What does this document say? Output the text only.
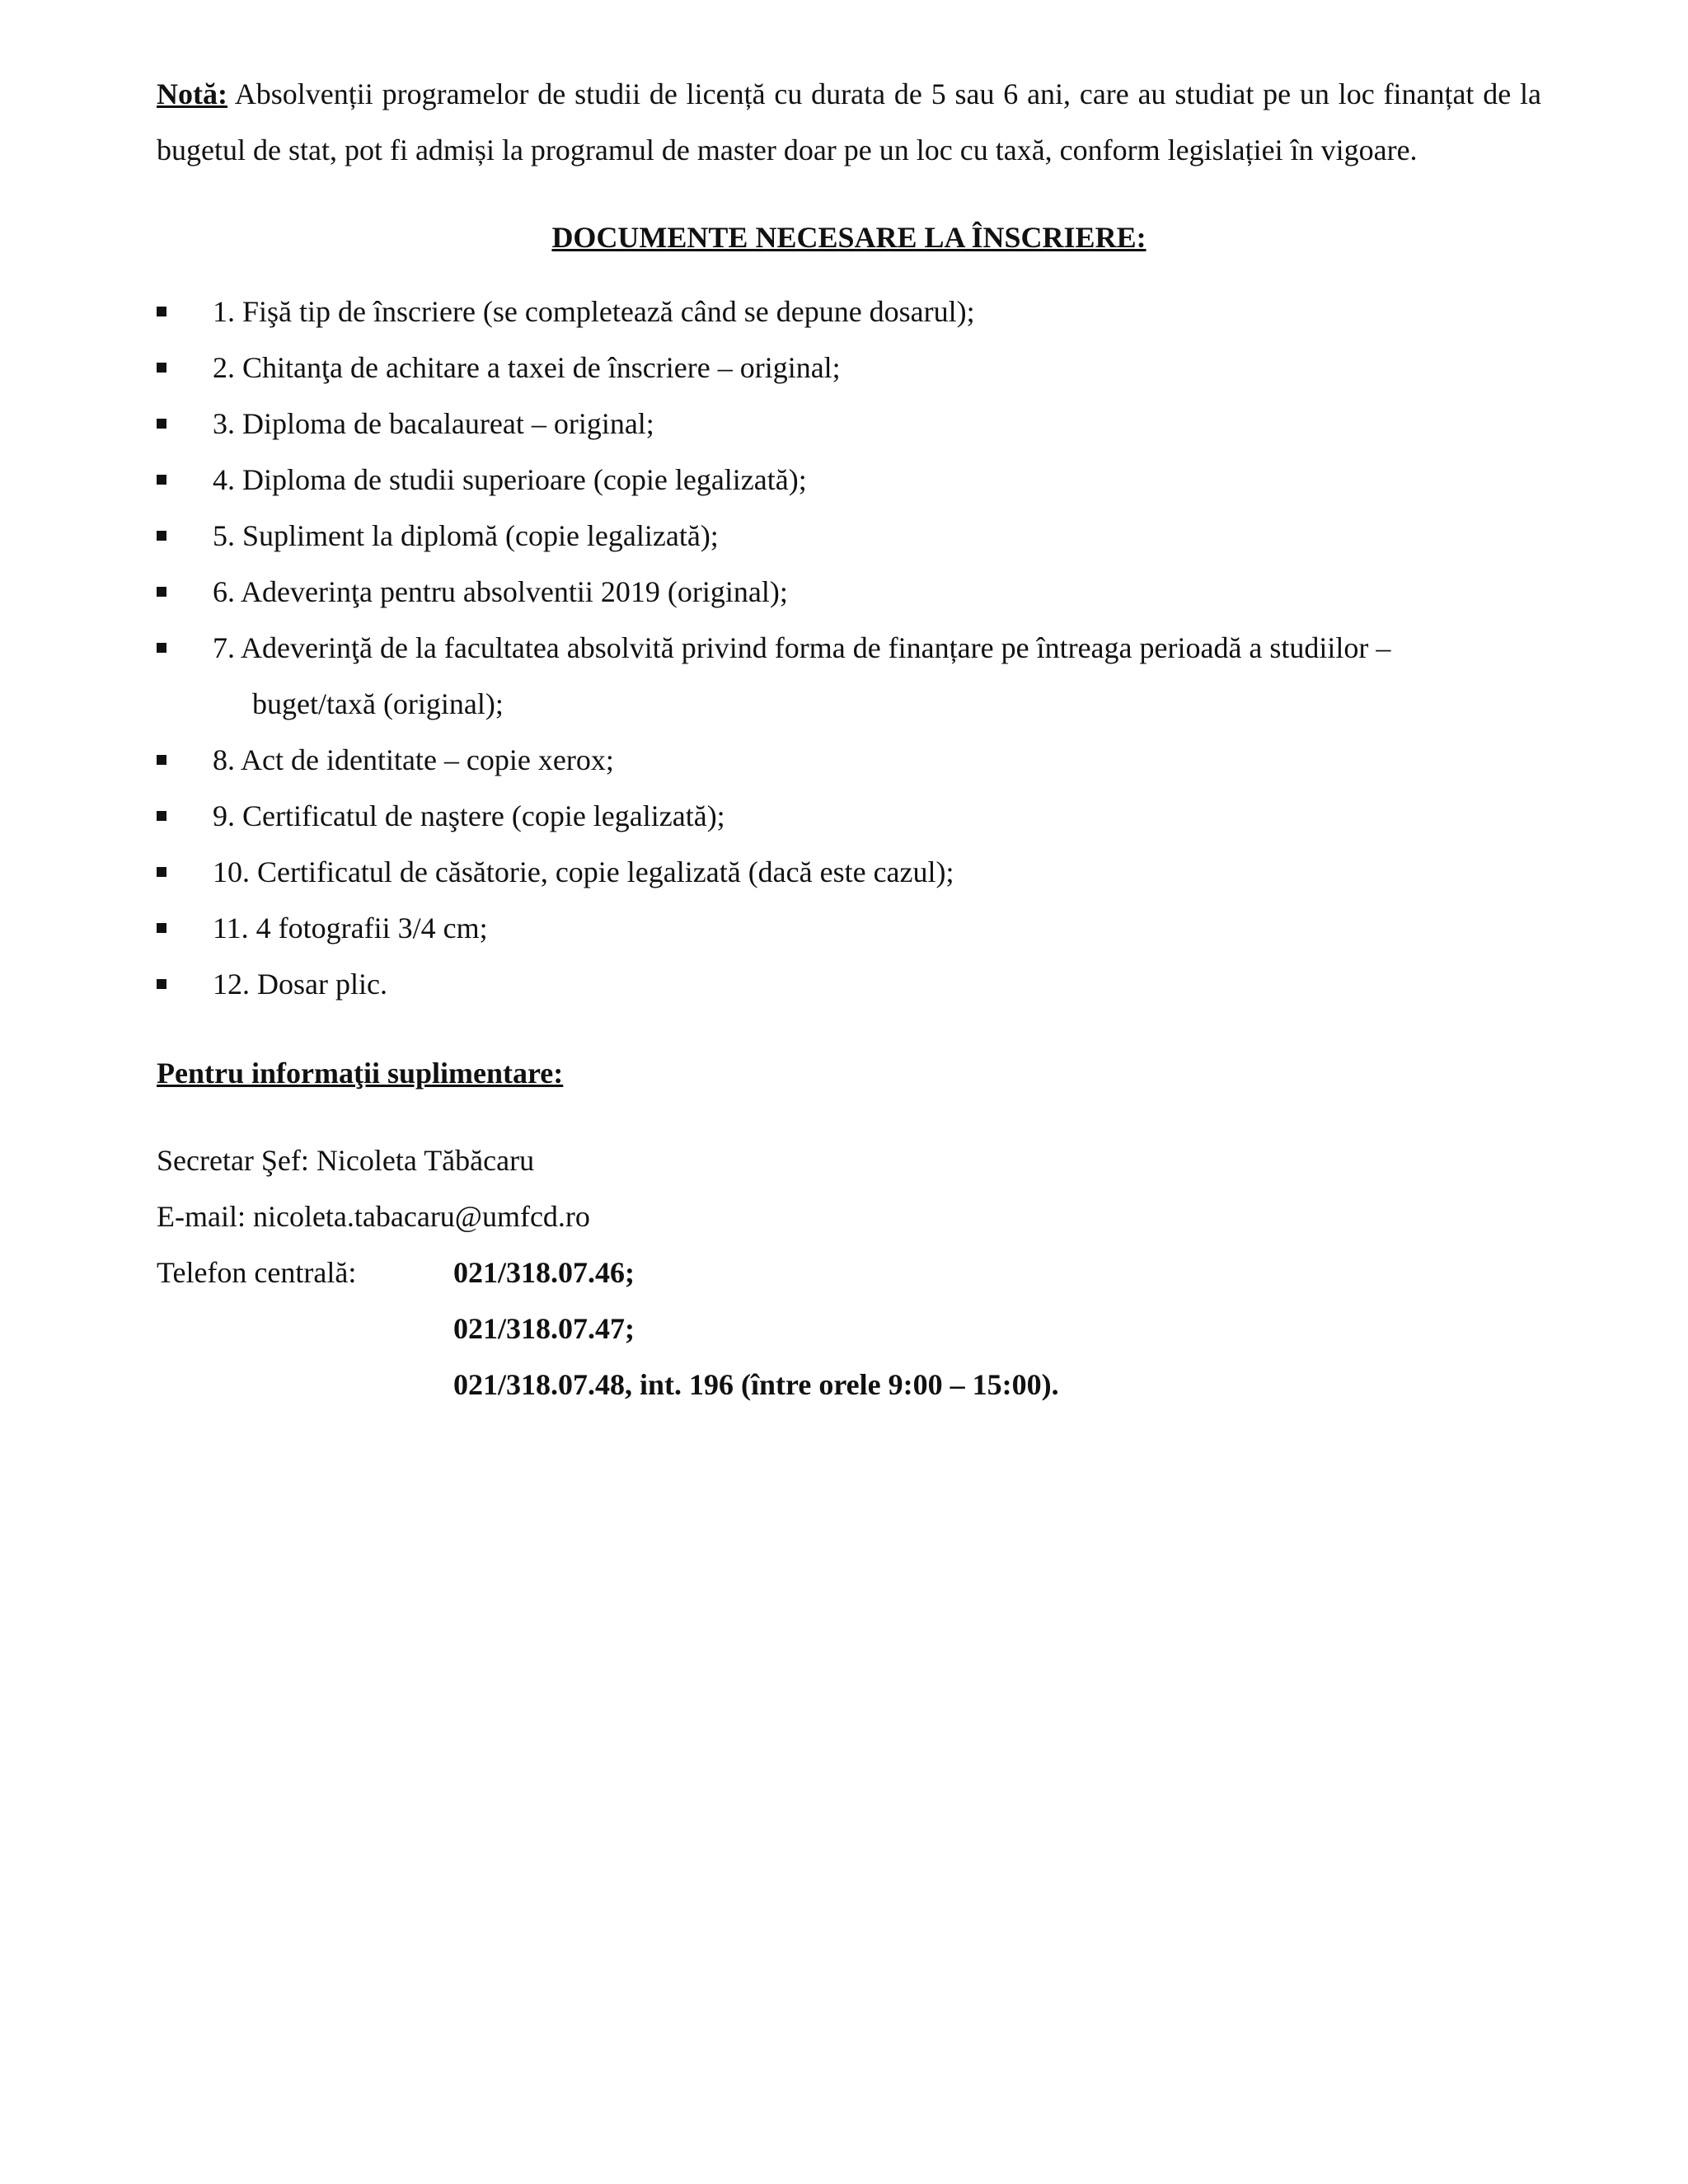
Notă: Absolvenții programelor de studii de licență cu durata de 5 sau 6 ani, care au studiat pe un loc finanțat de la bugetul de stat, pot fi admiși la programul de master doar pe un loc cu taxă, conform legislației în vigoare.

DOCUMENTE NECESARE LA ÎNSCRIERE:
1. Fişă tip de înscriere (se completează când se depune dosarul);
2. Chitanţa de achitare a taxei de înscriere – original;
3. Diploma de bacalaureat – original;
4. Diploma de studii superioare (copie legalizată);
5. Supliment la diplomă (copie legalizată);
6. Adeverinţa pentru absolventii 2019 (original);
7. Adeverinţă de la facultatea absolvită privind forma de finanțare pe întreaga perioadă a studiilor –
buget/taxă (original);
8. Act de identitate – copie xerox;
9. Certificatul de naştere (copie legalizată);
10. Certificatul de căsătorie, copie legalizată (dacă este cazul);
11. 4 fotografii 3/4 cm;
12. Dosar plic.
Pentru informaţii suplimentare:
Secretar Şef: Nicoleta Tăbăcaru
E-mail: nicoleta.tabacaru@umfcd.ro
Telefon centrală:	021/318.07.46;
021/318.07.47;
021/318.07.48, int. 196 (între orele 9:00 – 15:00).
